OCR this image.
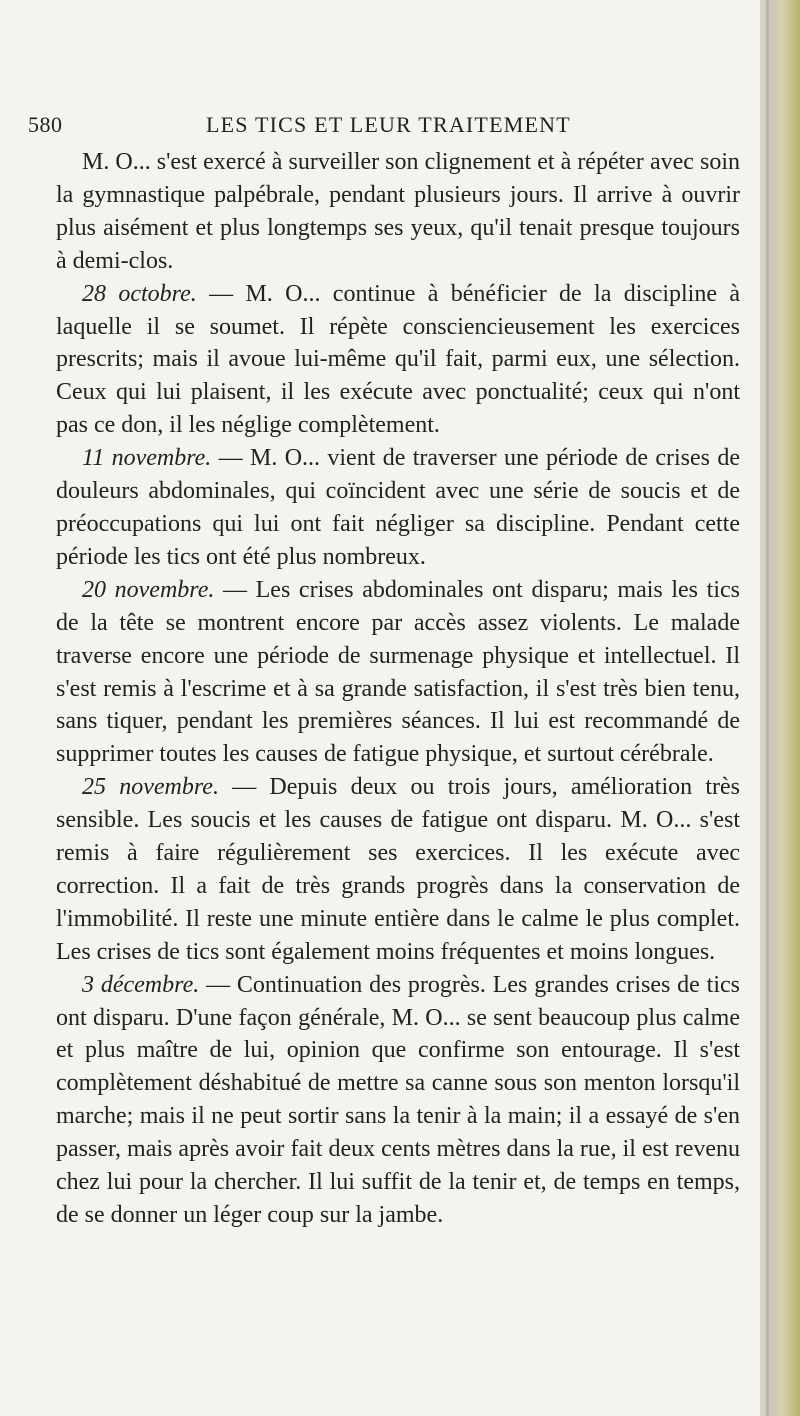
580	LES TICS ET LEUR TRAITEMENT

M. O... s'est exercé à surveiller son clignement et à répéter avec soin la gymnastique palpébrale, pendant plusieurs jours. Il arrive à ouvrir plus aisément et plus longtemps ses yeux, qu'il tenait presque toujours à demi-clos.

28 octobre. — M. O... continue à bénéficier de la discipline à laquelle il se soumet. Il répète consciencieusement les exercices prescrits; mais il avoue lui-même qu'il fait, parmi eux, une sélection. Ceux qui lui plaisent, il les exécute avec ponctualité; ceux qui n'ont pas ce don, il les néglige complètement.

11 novembre. — M. O... vient de traverser une période de crises de douleurs abdominales, qui coïncident avec une série de soucis et de préoccupations qui lui ont fait négliger sa discipline. Pendant cette période les tics ont été plus nombreux.

20 novembre. — Les crises abdominales ont disparu; mais les tics de la tête se montrent encore par accès assez violents. Le malade traverse encore une période de surmenage physique et intellectuel. Il s'est remis à l'escrime et à sa grande satisfaction, il s'est très bien tenu, sans tiquer, pendant les premières séances. Il lui est recommandé de supprimer toutes les causes de fatigue physique, et surtout cérébrale.

25 novembre. — Depuis deux ou trois jours, amélioration très sensible. Les soucis et les causes de fatigue ont disparu. M. O... s'est remis à faire régulièrement ses exercices. Il les exécute avec correction. Il a fait de très grands progrès dans la conservation de l'immobilité. Il reste une minute entière dans le calme le plus complet. Les crises de tics sont également moins fréquentes et moins longues.

3 décembre. — Continuation des progrès. Les grandes crises de tics ont disparu. D'une façon générale, M. O... se sent beaucoup plus calme et plus maître de lui, opinion que confirme son entourage. Il s'est complètement déshabitué de mettre sa canne sous son menton lorsqu'il marche; mais il ne peut sortir sans la tenir à la main; il a essayé de s'en passer, mais après avoir fait deux cents mètres dans la rue, il est revenu chez lui pour la chercher. Il lui suffit de la tenir et, de temps en temps, de se donner un léger coup sur la jambe.
